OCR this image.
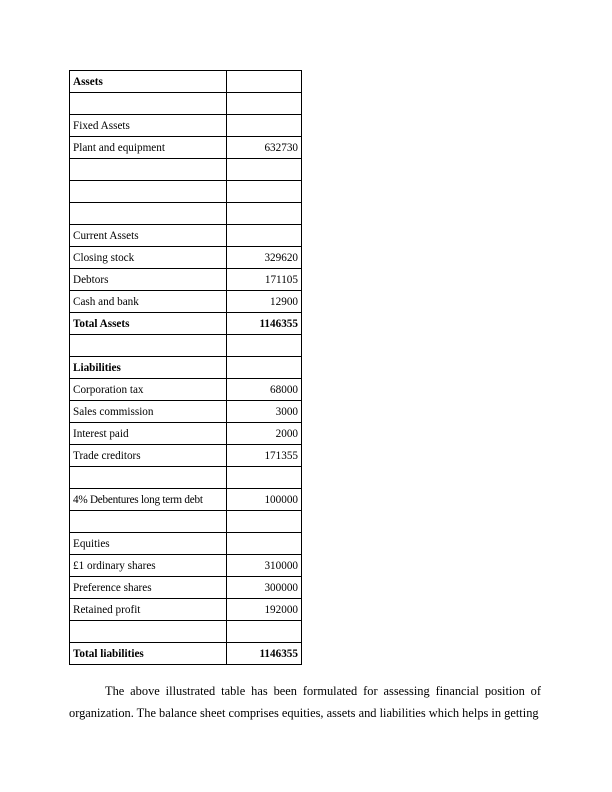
Assets	

Fixed Assets	
Plant and equipment	632730

Current Assets	
Closing stock	329620
Debtors	171105
Cash and bank	12900
Total Assets	1146355

Liabilities	
Corporation tax	68000
Sales commission	3000
Interest paid	2000
Trade creditors	171355

4% Debentures long term debt	100000

Equities	
£1 ordinary shares	310000
Preference shares	300000
Retained profit	192000

Total liabilities	1146355

The above illustrated table has been formulated for assessing financial position of organization. The balance sheet comprises equities, assets and liabilities which helps in getting
